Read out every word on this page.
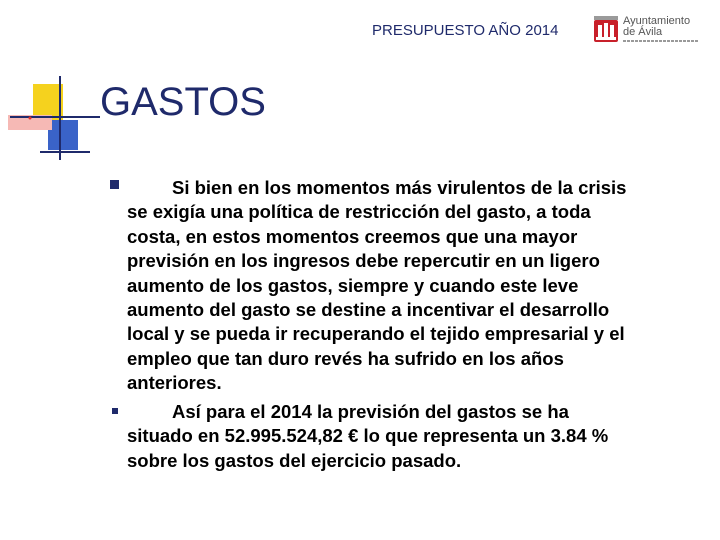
PRESUPUESTO AÑO 2014
Ayuntamiento
de Ávila
GASTOS
Si bien en los momentos más virulentos de la crisis
se exigía una política de restricción del gasto, a toda
costa, en estos momentos creemos que una mayor
previsión en los ingresos debe repercutir en un ligero
aumento de los gastos, siempre y cuando este leve
aumento del gasto se destine a incentivar el desarrollo
local y se pueda ir recuperando el tejido empresarial y el
empleo que tan duro revés ha sufrido en los años
anteriores.
Así para el 2014 la previsión del gastos se ha
situado en 52.995.524,82 € lo que representa un 3.84 %
sobre los gastos del ejercicio pasado.
